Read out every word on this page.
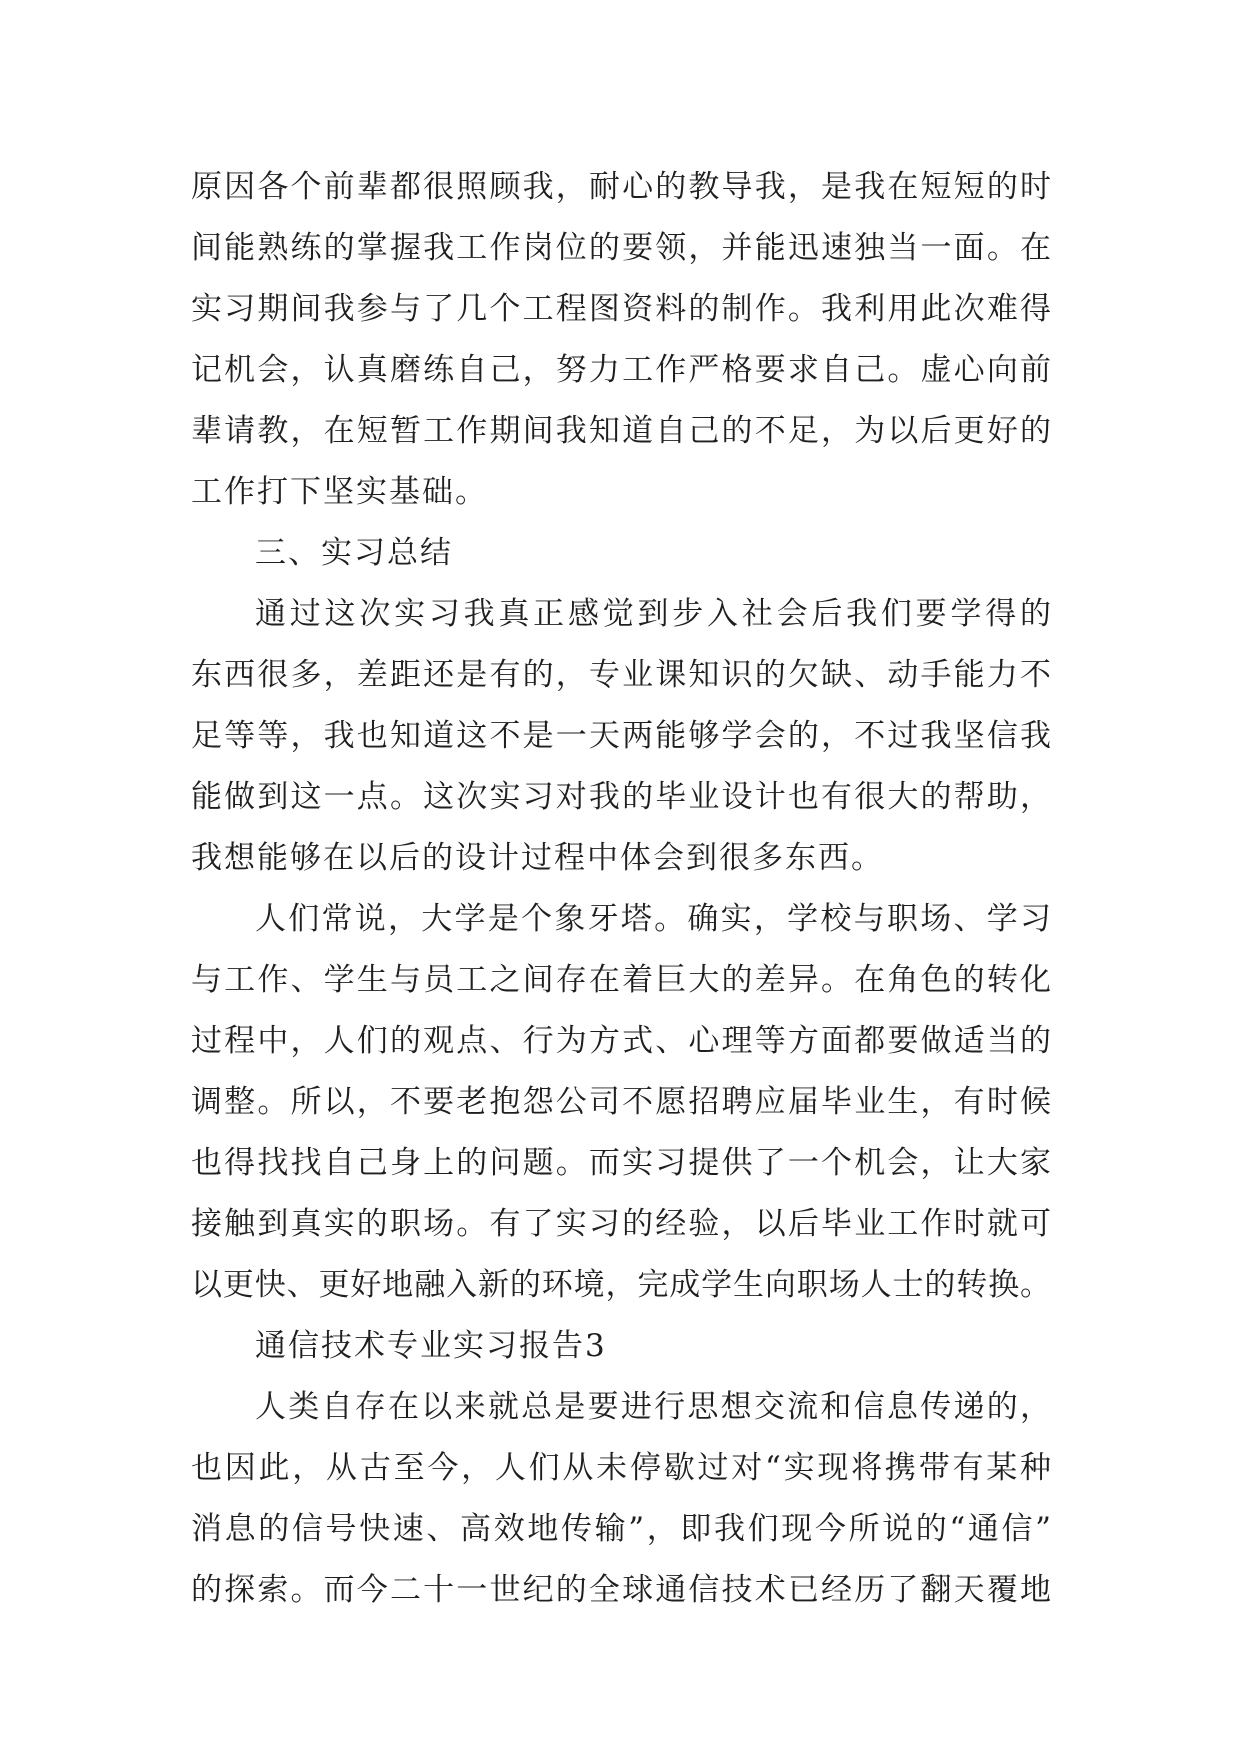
原因各个前辈都很照顾我，耐心的教导我，是我在短短的时
间能熟练的掌握我工作岗位的要领，并能迅速独当一面。在
实习期间我参与了几个工程图资料的制作。我利用此次难得
记机会，认真磨练自己，努力工作严格要求自己。虚心向前
辈请教，在短暂工作期间我知道自己的不足，为以后更好的
工作打下坚实基础。
三、实习总结
通过这次实习我真正感觉到步入社会后我们要学得的
东西很多，差距还是有的，专业课知识的欠缺、动手能力不
足等等，我也知道这不是一天两能够学会的，不过我坚信我
能做到这一点。这次实习对我的毕业设计也有很大的帮助，
我想能够在以后的设计过程中体会到很多东西。
人们常说，大学是个象牙塔。确实，学校与职场、学习
与工作、学生与员工之间存在着巨大的差异。在角色的转化
过程中，人们的观点、行为方式、心理等方面都要做适当的
调整。所以，不要老抱怨公司不愿招聘应届毕业生，有时候
也得找找自己身上的问题。而实习提供了一个机会，让大家
接触到真实的职场。有了实习的经验，以后毕业工作时就可
以更快、更好地融入新的环境，完成学生向职场人士的转换。
通信技术专业实习报告3
人类自存在以来就总是要进行思想交流和信息传递的，
也因此，从古至今，人们从未停歇过对“实现将携带有某种
消息的信号快速、高效地传输”，即我们现今所说的“通信”
的探索。而今二十一世纪的全球通信技术已经历了翻天覆地
